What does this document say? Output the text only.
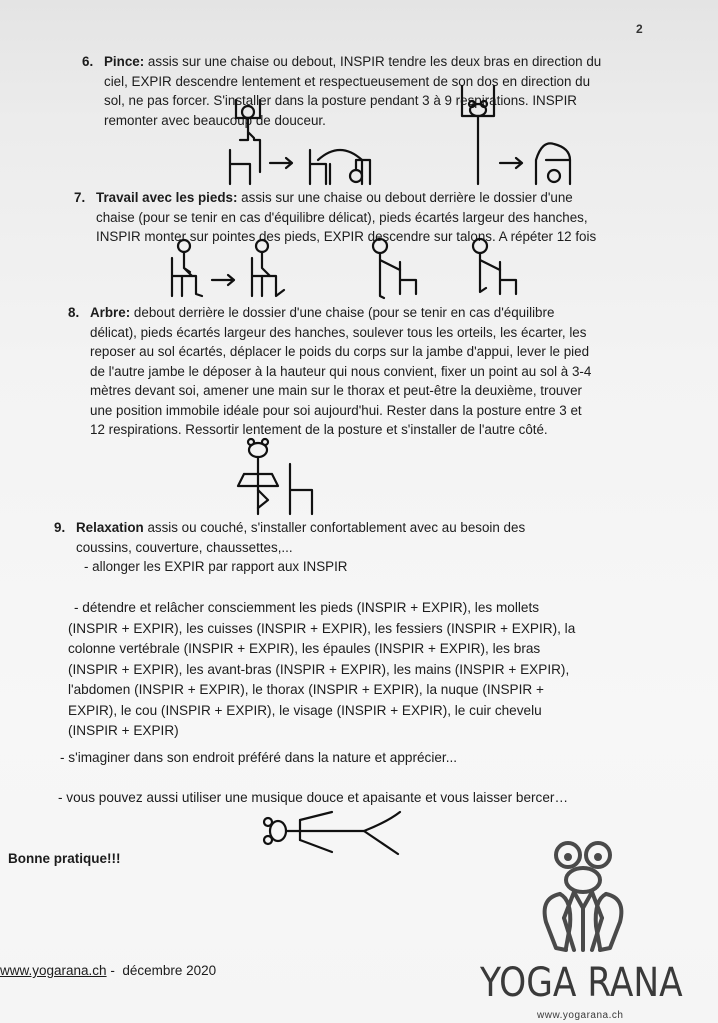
2
6. Pince: assis sur une chaise ou debout, INSPIR tendre les deux bras en direction du
ciel, EXPIR descendre lentement et respectueusement de son dos en direction du
sol, ne pas forcer. S'installer dans la posture pendant 3 à 9 respirations. INSPIR
remonter avec beaucoup de douceur.
7. Travail avec les pieds: assis sur une chaise ou debout derrière le dossier d'une
chaise (pour se tenir en cas d'équilibre délicat), pieds écartés largeur des hanches,
INSPIR monter sur pointes des pieds, EXPIR descendre sur talons. A répéter 12 fois
8. Arbre: debout derrière le dossier d'une chaise (pour se tenir en cas d'équilibre
délicat), pieds écartés largeur des hanches, soulever tous les orteils, les écarter, les
reposer au sol écartés, déplacer le poids du corps sur la jambe d'appui, lever le pied
de l'autre jambe le déposer à la hauteur qui nous convient, fixer un point au sol à 3-4
mètres devant soi, amener une main sur le thorax et peut-être la deuxième, trouver
une position immobile idéale pour soi aujourd'hui. Rester dans la posture entre 3 et
12 respirations. Ressortir lentement de la posture et s'installer de l'autre côté.
9. Relaxation assis ou couché, s'installer confortablement avec au besoin des
coussins, couverture, chaussettes,...
- allonger les EXPIR par rapport aux INSPIR
- détendre et relâcher consciemment les pieds (INSPIR + EXPIR), les mollets
(INSPIR + EXPIR), les cuisses (INSPIR + EXPIR), les fessiers (INSPIR + EXPIR), la
colonne vertébrale (INSPIR + EXPIR), les épaules (INSPIR + EXPIR), les bras
(INSPIR + EXPIR), les avant-bras (INSPIR + EXPIR), les mains (INSPIR + EXPIR),
l'abdomen (INSPIR + EXPIR), le thorax (INSPIR + EXPIR), la nuque (INSPIR +
EXPIR), le cou (INSPIR + EXPIR), le visage (INSPIR + EXPIR), le cuir chevelu
(INSPIR + EXPIR)
- s'imaginer dans son endroit préféré dans la nature et apprécier...
- vous pouvez aussi utiliser une musique douce et apaisante et vous laisser bercer…
Bonne pratique!!!
www.yogarana.ch -  décembre 2020	YOGA RANA
www.yogarana.ch
